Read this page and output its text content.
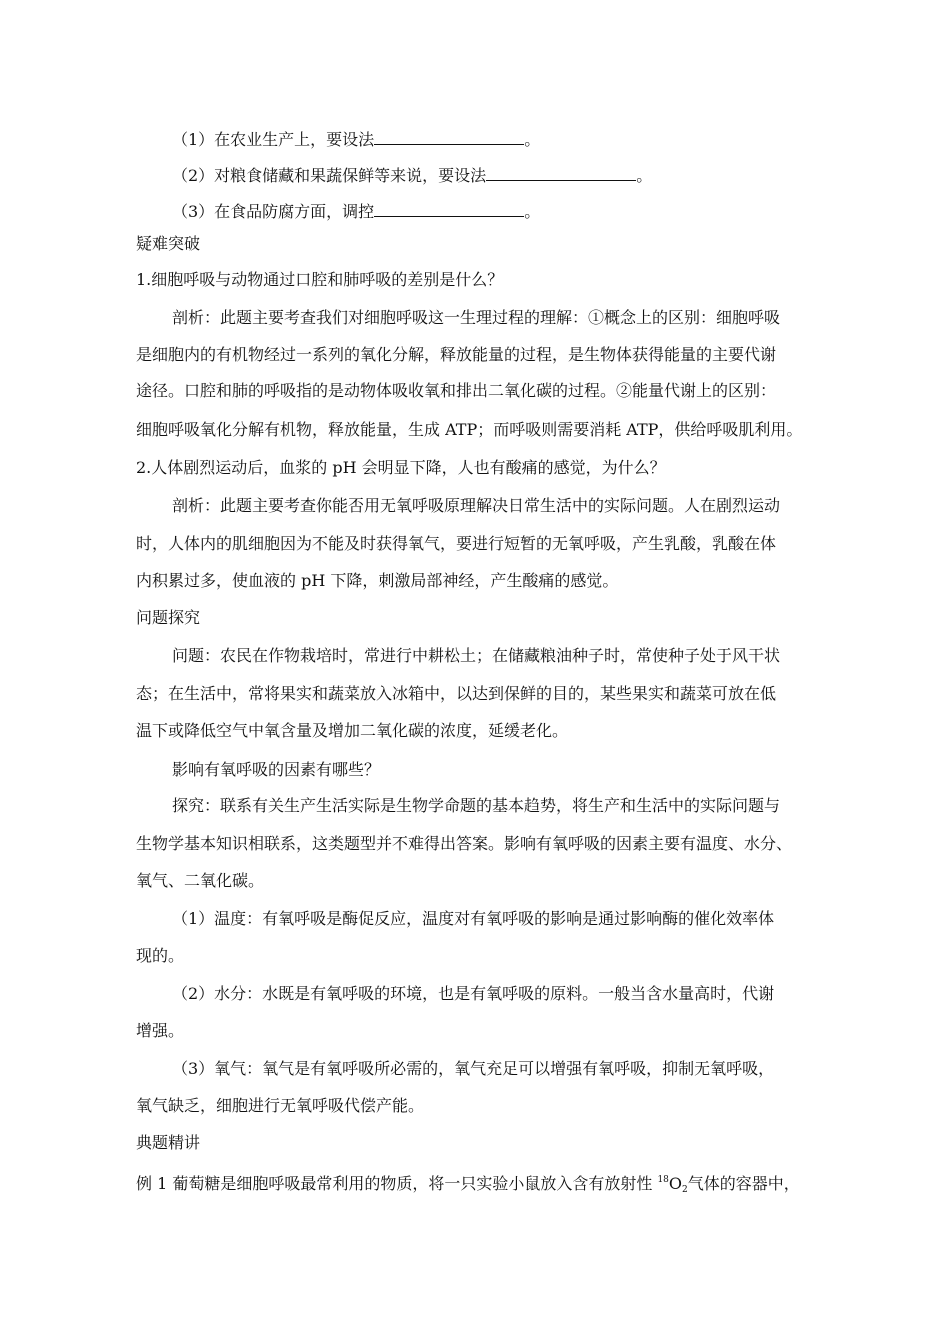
（1）在农业生产上，要设法	。
（2）对粮食储藏和果蔬保鲜等来说，要设法	。
（3）在食品防腐方面，调控	。
疑难突破
1.细胞呼吸与动物通过口腔和肺呼吸的差别是什么？
剖析：此题主要考查我们对细胞呼吸这一生理过程的理解：①概念上的区别：细胞呼吸
是细胞内的有机物经过一系列的氧化分解，释放能量的过程，是生物体获得能量的主要代谢
途径。口腔和肺的呼吸指的是动物体吸收氧和排出二氧化碳的过程。②能量代谢上的区别：
细胞呼吸氧化分解有机物，释放能量，生成 ATP；而呼吸则需要消耗 ATP，供给呼吸肌利用。
2.人体剧烈运动后，血浆的 pH 会明显下降，人也有酸痛的感觉，为什么？
剖析：此题主要考查你能否用无氧呼吸原理解决日常生活中的实际问题。人在剧烈运动
时，人体内的肌细胞因为不能及时获得氧气，要进行短暂的无氧呼吸，产生乳酸，乳酸在体
内积累过多，使血液的 pH 下降，刺激局部神经，产生酸痛的感觉。
问题探究
问题：农民在作物栽培时，常进行中耕松土；在储藏粮油种子时，常使种子处于风干状
态；在生活中，常将果实和蔬菜放入冰箱中，以达到保鲜的目的，某些果实和蔬菜可放在低
温下或降低空气中氧含量及增加二氧化碳的浓度，延缓老化。
影响有氧呼吸的因素有哪些？
探究：联系有关生产生活实际是生物学命题的基本趋势，将生产和生活中的实际问题与
生物学基本知识相联系，这类题型并不难得出答案。影响有氧呼吸的因素主要有温度、水分、
氧气、二氧化碳。
（1）温度：有氧呼吸是酶促反应，温度对有氧呼吸的影响是通过影响酶的催化效率体
现的。
（2）水分：水既是有氧呼吸的环境，也是有氧呼吸的原料。一般当含水量高时，代谢
增强。
（3）氧气：氧气是有氧呼吸所必需的，氧气充足可以增强有氧呼吸，抑制无氧呼吸，
氧气缺乏，细胞进行无氧呼吸代偿产能。
典题精讲
例 1 葡萄糖是细胞呼吸最常利用的物质，将一只实验小鼠放入含有放射性 $^{18}O_2$气体的容器中，
